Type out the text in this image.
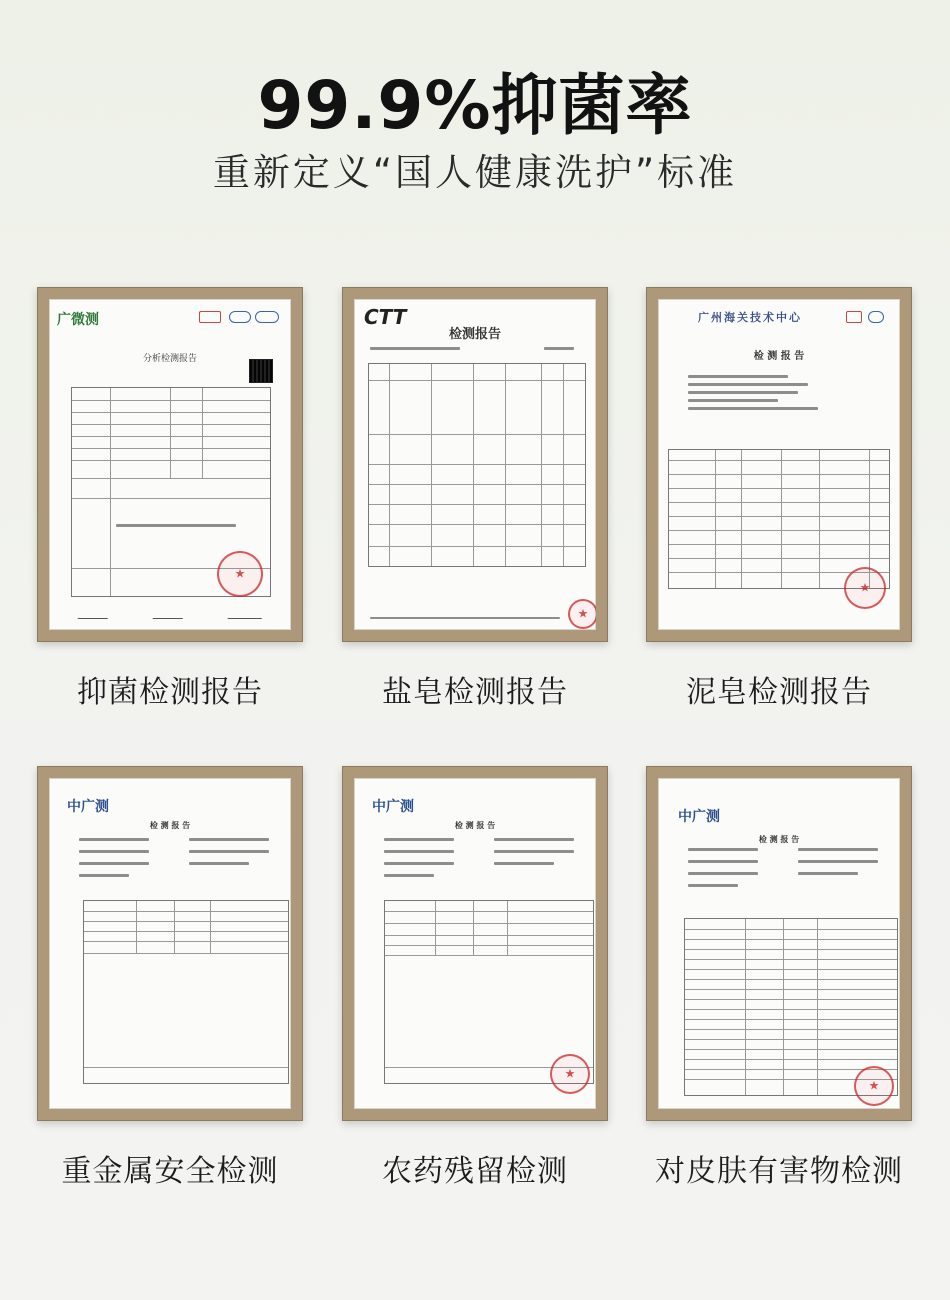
99.9%抑菌率
重新定义“国人健康洗护”标准
广微测
分析检测报告
★
抑菌检测报告
CTT
检测报告
★
盐皂检测报告
广州海关技术中心
检 测 报 告
★
泥皂检测报告
中广测
检 测 报 告
重金属安全检测
中广测
检 测 报 告
★
农药残留检测
中广测
检 测 报 告
★
对皮肤有害物检测
